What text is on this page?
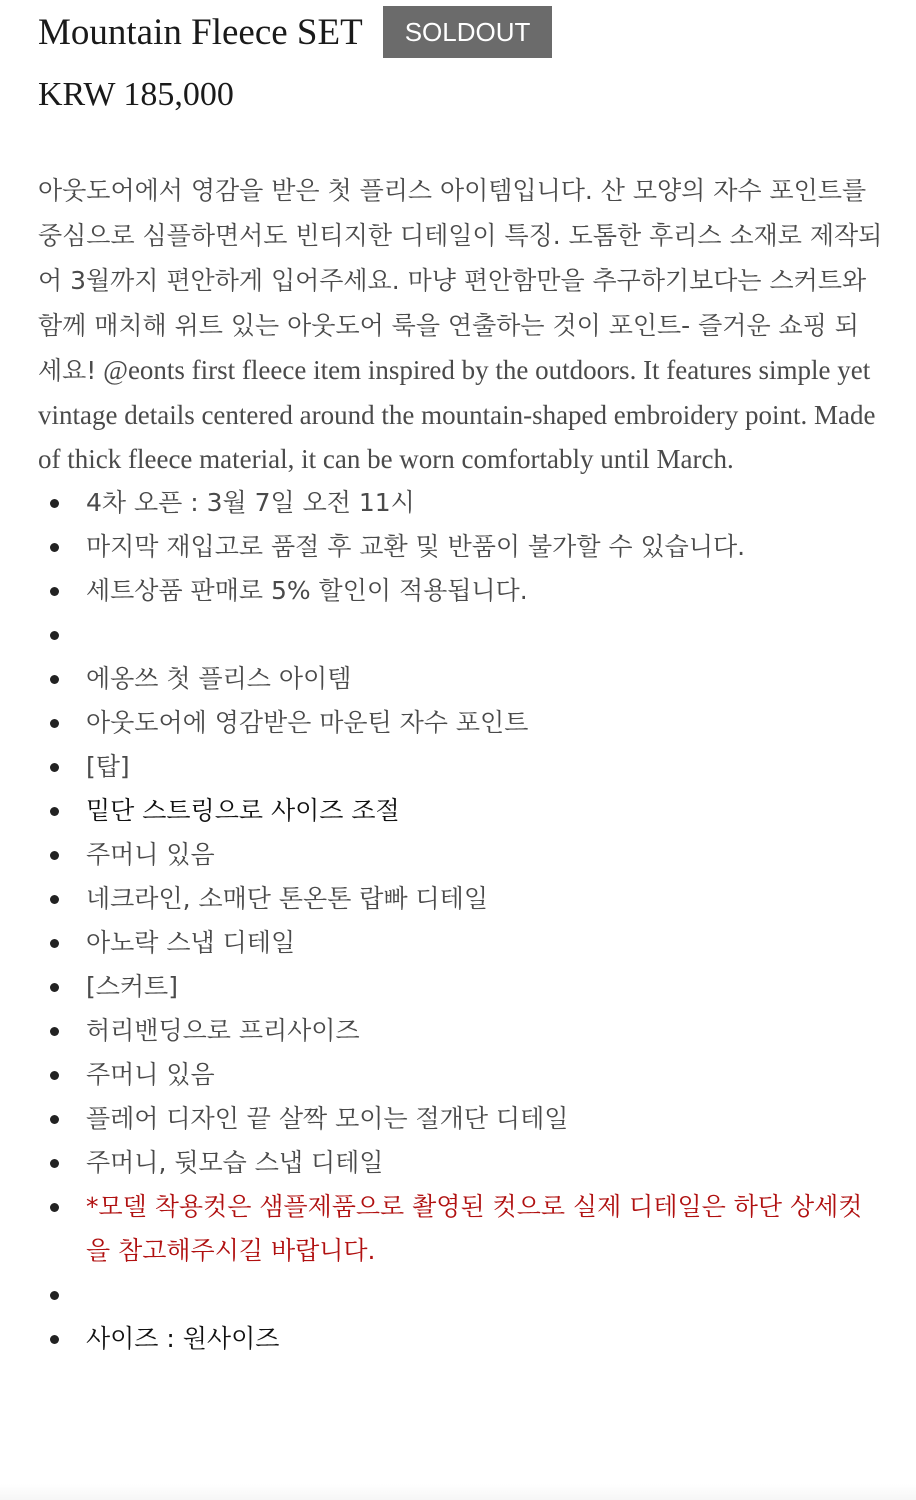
Mountain Fleece SET	SOLDOUT
KRW 185,000
아웃도어에서 영감을 받은 첫 플리스 아이템입니다. 산 모양의 자수 포인트를 중심으로 심플하면서도 빈티지한 디테일이 특징. 도톰한 후리스 소재로 제작되어 3월까지 편안하게 입어주세요. 마냥 편안함만을 추구하기보다는 스커트와 함께 매치해 위트 있는 아웃도어 룩을 연출하는 것이 포인트- 즐거운 쇼핑 되세요! @eonts first fleece item inspired by the outdoors. It features simple yet vintage details centered around the mountain-shaped embroidery point. Made of thick fleece material, it can be worn comfortably until March.
4차 오픈 : 3월 7일 오전 11시
마지막 재입고로 품절 후 교환 및 반품이 불가할 수 있습니다.
세트상품 판매로 5% 할인이 적용됩니다.
에옹쓰 첫 플리스 아이템
아웃도어에 영감받은 마운틴 자수 포인트
[탑]
밑단 스트링으로 사이즈 조절
주머니 있음
네크라인, 소매단 톤온톤 랍빠 디테일
아노락 스냅 디테일
[스커트]
허리밴딩으로 프리사이즈
주머니 있음
플레어 디자인 끝 살짝 모이는 절개단 디테일
주머니, 뒷모습 스냅 디테일
*모델 착용컷은 샘플제품으로 촬영된 컷으로 실제 디테일은 하단 상세컷을 참고해주시길 바랍니다.
사이즈 : 원사이즈
